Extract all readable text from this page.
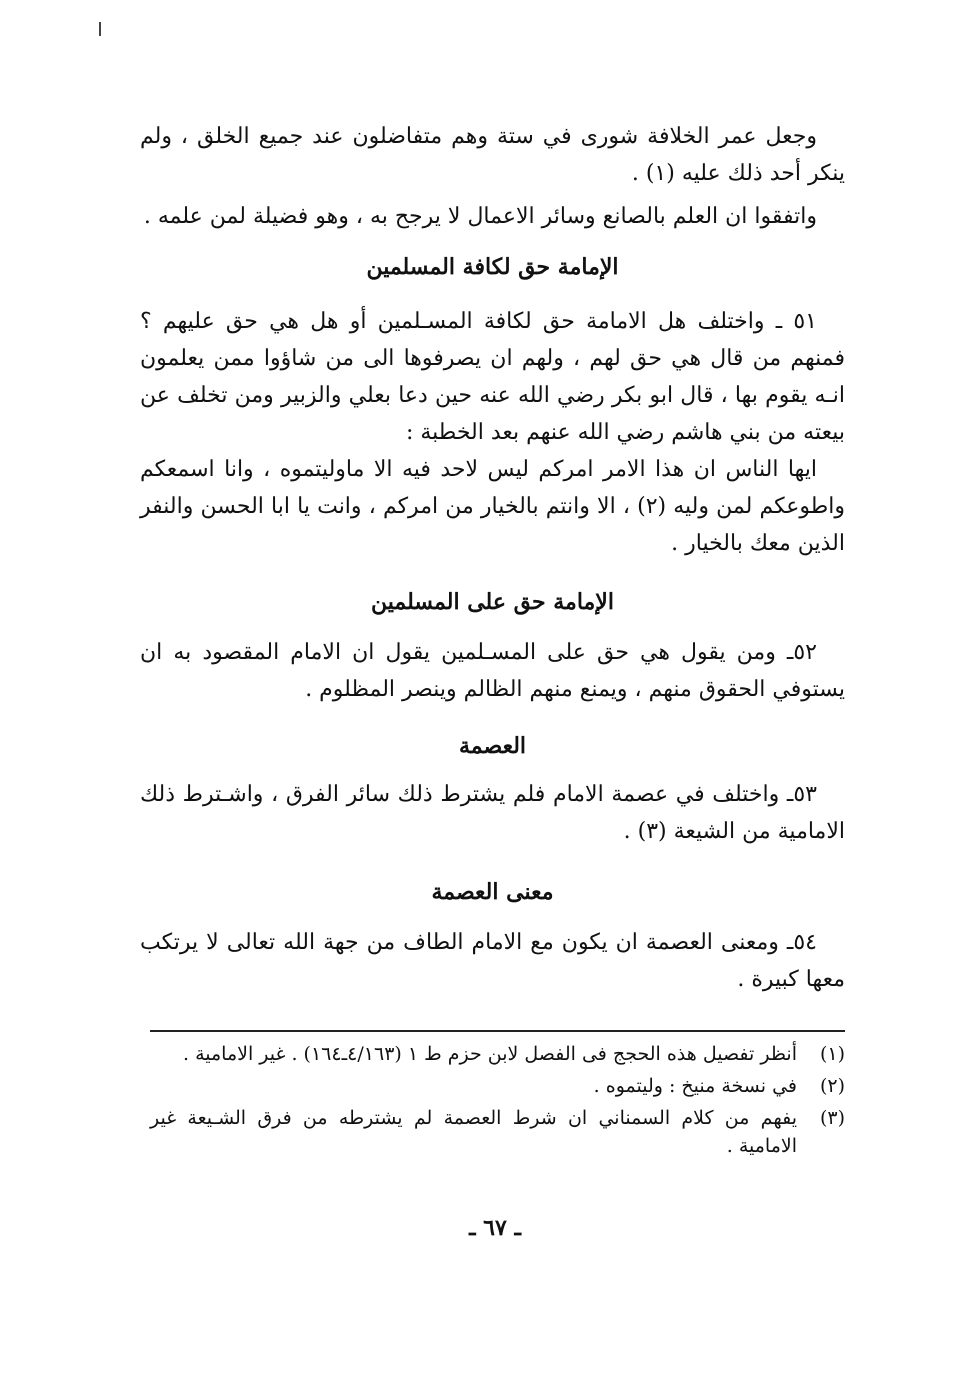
وجعل عمر الخلافة شورى في ستة وهم متفاضلون عند جميع الخلق ، ولم ينكر أحد ذلك عليه (١) .

واتفقوا ان العلم بالصانع وسائر الاعمال لا يرجح به ، وهو فضيلة لمن علمه .

الإمامة حق لكافة المسلمين

٥١ ـ واختلف هل الامامة حق لكافة المسـلمين أو هل هي حق عليهم ؟ فمنهم من قال هي حق لهم ، ولهم ان يصرفوها الى من شاؤوا ممن يعلمون انـه يقوم بها ، قال ابو بكر رضي الله عنه حين دعا بعلي والزبير ومن تخلف عن بيعته من بني هاشم رضي الله عنهم بعد الخطبة :

ايها الناس ان هذا الامر امركم ليس لاحد فيه الا ماوليتموه ، وانا اسمعكم واطوعكم لمن وليه (٢) ، الا وانتم بالخيار من امركم ، وانت يا ابا الحسن والنفر الذين معك بالخيار .

الإمامة حق على المسلمين

٥٢ـ ومن يقول هي حق على المسـلمين يقول ان الامام المقصود به ان يستوفي الحقوق منهم ، ويمنع منهم الظالم وينصر المظلوم .

العصمة

٥٣ـ واختلف في عصمة الامام فلم يشترط ذلك سائر الفرق ، واشـترط ذلك الامامية من الشيعة (٣) .

معنى العصمة

٥٤ـ ومعنى العصمة ان يكون مع الامام الطاف من جهة الله تعالى لا يرتكب معها كبيرة .

(١)
أنظر تفصيل هذه الحجج فى الفصل لابن حزم ط ١ (٤/١٦٣ـ١٦٤) . غير الامامية .
(٢)
في نسخة منيخ : وليتموه .
(٣)
يفهم من كلام السمناني ان شرط العصمة لم يشترطه من فرق الشـيعة غير الامامية .
ـ ٦٧ ـ
